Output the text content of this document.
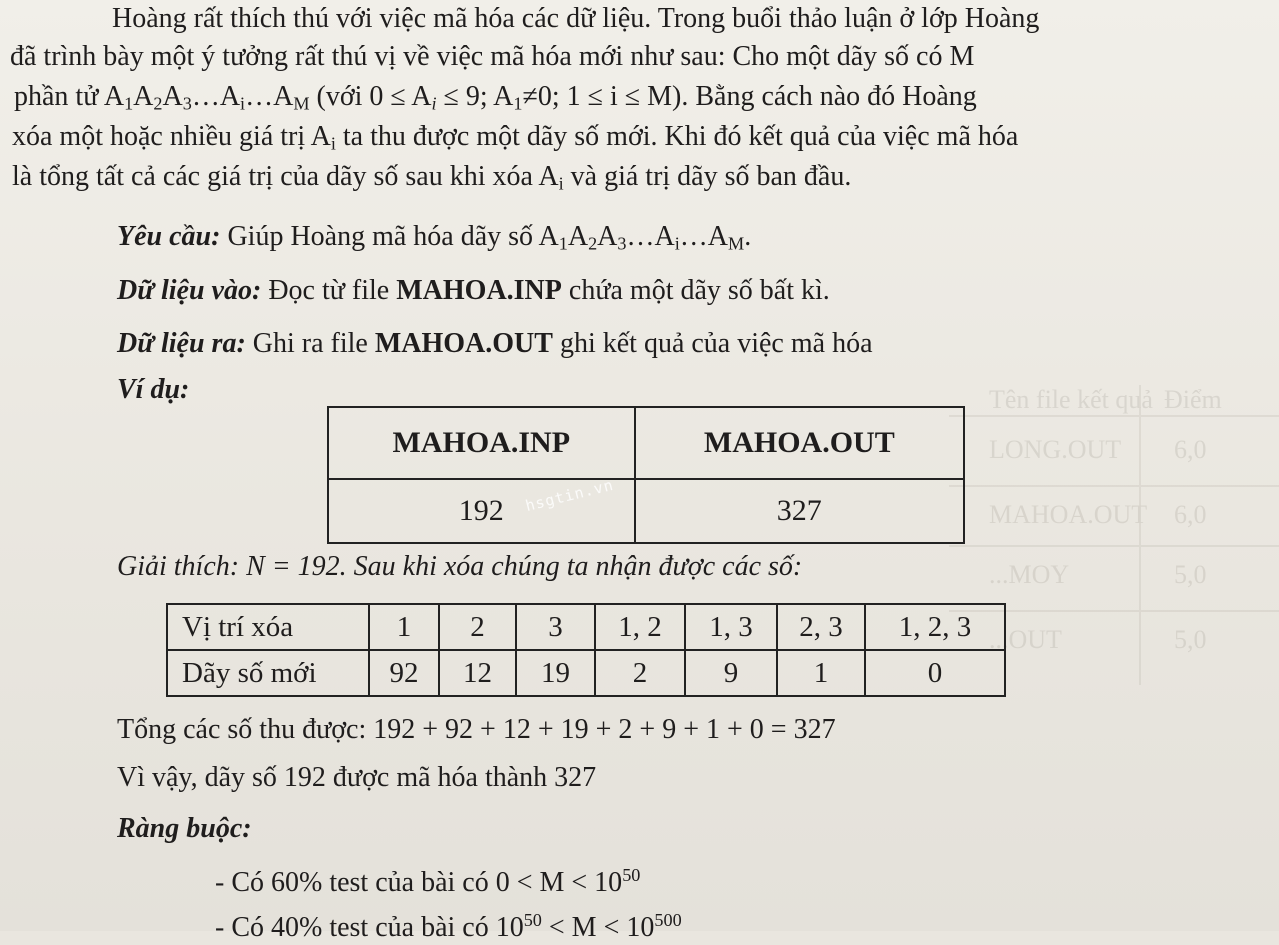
Tên file kết quả Điểm
LONG.OUT 6,0
MAHOA.OUT 6,0
...MOY	5,0
...OUT	5,0
Hoàng rất thích thú với việc mã hóa các dữ liệu. Trong buổi thảo luận ở lớp Hoàng
đã trình bày một ý tưởng rất thú vị về việc mã hóa mới như sau: Cho một dãy số có M
phần tử $A_1A_2A_3\dots A_i\dots A_M$ (với $0 \le A_i \le 9$; $A_1\ne 0$; 1 ≤ i ≤ M). Bằng cách nào đó Hoàng
xóa một hoặc nhiều giá trị $A_i$ ta thu được một dãy số mới. Khi đó kết quả của việc mã hóa
là tổng tất cả các giá trị của dãy số sau khi xóa $A_i$ và giá trị dãy số ban đầu.
Yêu cầu: Giúp Hoàng mã hóa dãy số $A_1A_2A_3\dots A_i\dots A_M$.
Dữ liệu vào: Đọc từ file MAHOA.INP chứa một dãy số bất kì.
Dữ liệu ra: Ghi ra file MAHOA.OUT ghi kết quả của việc mã hóa
Ví dụ:
MAHOA.INP	MAHOA.OUT
192	327
hsgtin.vn
Giải thích: N = 192. Sau khi xóa chúng ta nhận được các số:
Vị trí xóa	1	2	3	1, 2	1, 3	2, 3	1, 2, 3
Dãy số mới	92	12	19	2	9	1	0
Tổng các số thu được: 192 + 92 + 12 + 19 + 2 + 9 + 1 + 0 = 327
Vì vậy, dãy số 192 được mã hóa thành 327
Ràng buộc:
- Có 60% test của bài có $0 < M < 10^{50}$
- Có 40% test của bài có $10^{50} < M < 10^{500}$
